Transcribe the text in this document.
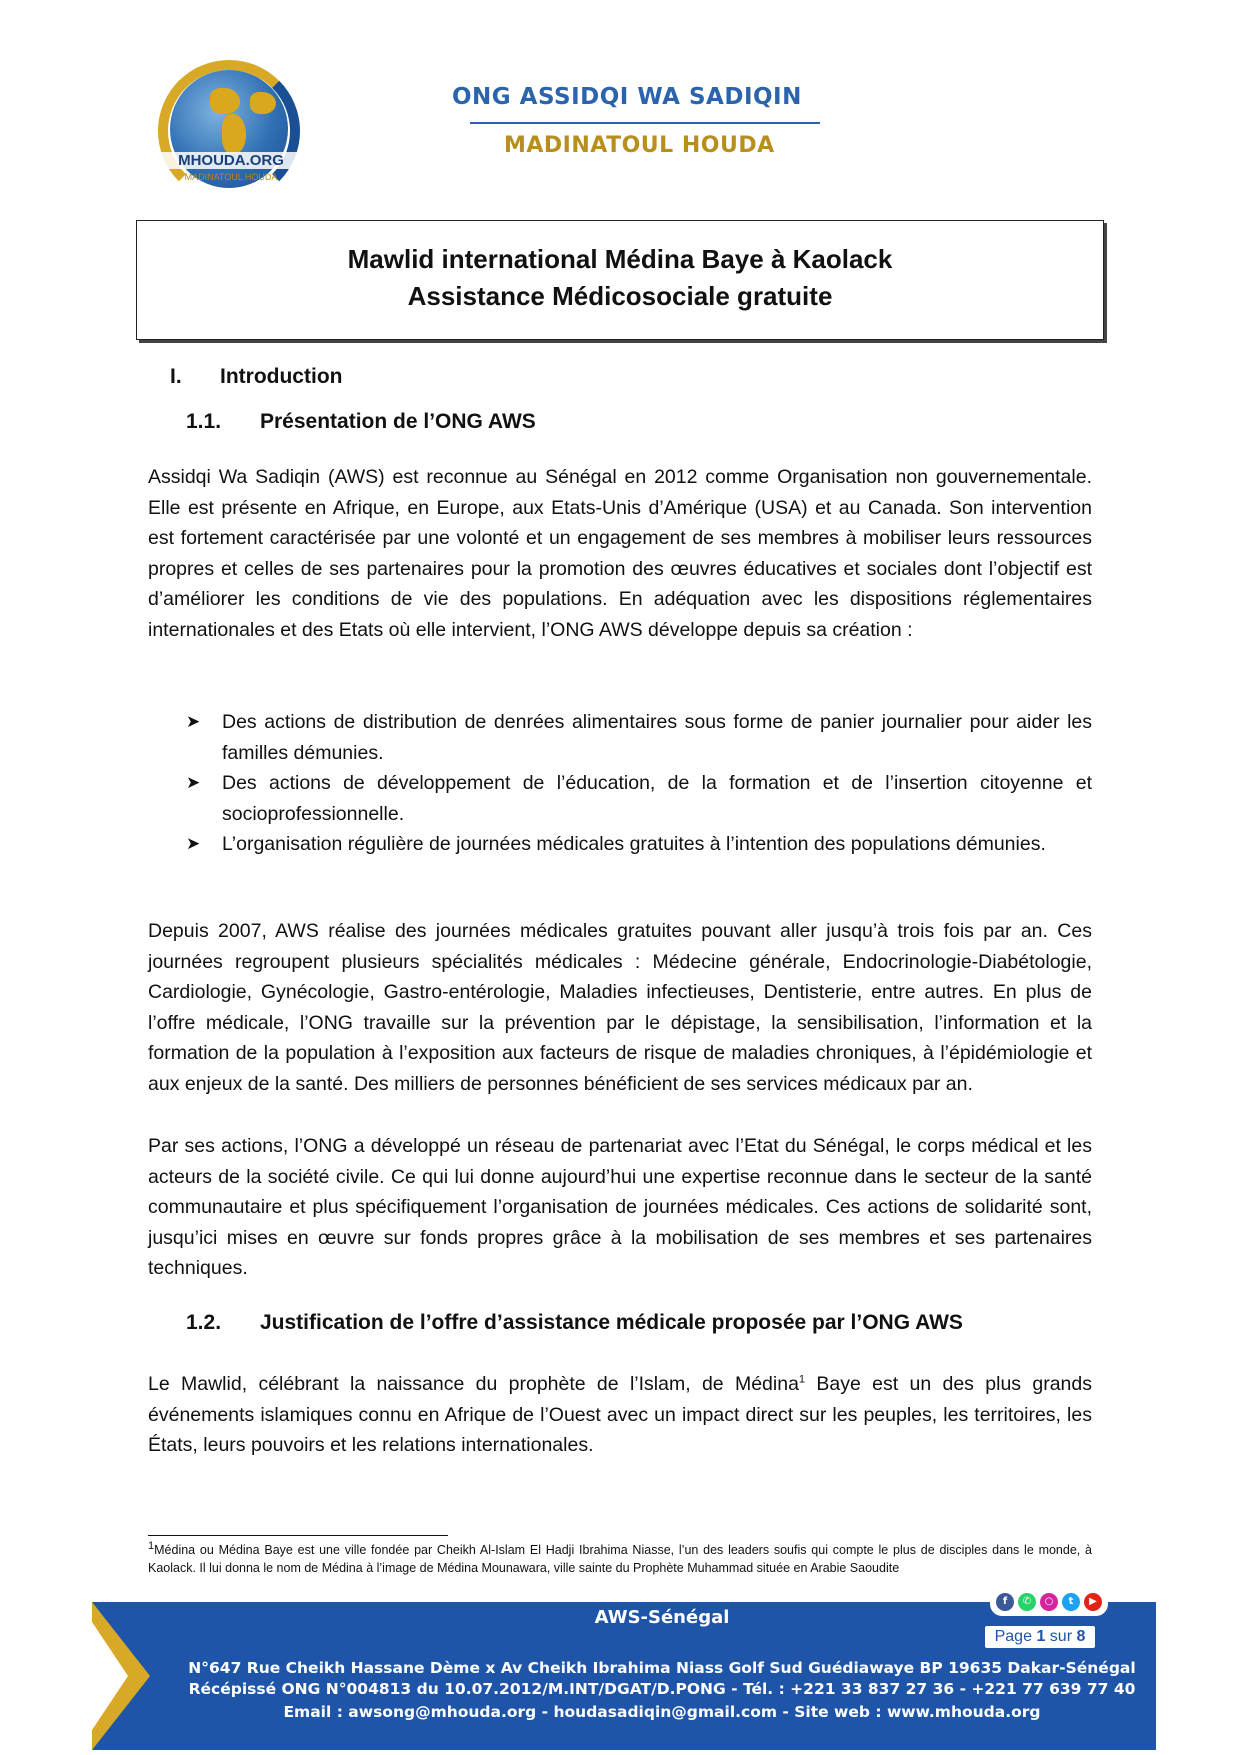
MHOUDA.ORG
MADINATOUL HOUDA
ONG ASSIDQI WA SADIQIN
MADINATOUL HOUDA
Mawlid international Médina Baye à Kaolack
Assistance Médicosociale gratuite
I. Introduction
1.1. Présentation de l’ONG AWS

Assidqi Wa Sadiqin (AWS) est reconnue au Sénégal en 2012 comme Organisation non gouvernementale. Elle est présente en Afrique, en Europe, aux Etats-Unis d’Amérique (USA) et au Canada. Son intervention est fortement caractérisée par une volonté et un engagement de ses membres à mobiliser leurs ressources propres et celles de ses partenaires pour la promotion des œuvres éducatives et sociales dont l’objectif est d’améliorer les conditions de vie des populations. En adéquation avec les dispositions réglementaires internationales et des Etats où elle intervient, l’ONG AWS développe depuis sa création :

➤ Des actions de distribution de denrées alimentaires sous forme de panier journalier pour aider les familles démunies.
➤ Des actions de développement de l’éducation, de la formation et de l’insertion citoyenne et socioprofessionnelle.
➤ L’organisation régulière de journées médicales gratuites à l’intention des populations démunies.

Depuis 2007, AWS réalise des journées médicales gratuites pouvant aller jusqu’à trois fois par an. Ces journées regroupent plusieurs spécialités médicales : Médecine générale, Endocrinologie-Diabétologie, Cardiologie, Gynécologie, Gastro-entérologie, Maladies infectieuses, Dentisterie, entre autres. En plus de l’offre médicale, l’ONG travaille sur la prévention par le dépistage, la sensibilisation, l’information et la formation de la population à l’exposition aux facteurs de risque de maladies chroniques, à l’épidémiologie et aux enjeux de la santé. Des milliers de personnes bénéficient de ses services médicaux par an.

Par ses actions, l’ONG a développé un réseau de partenariat avec l’Etat du Sénégal, le corps médical et les acteurs de la société civile. Ce qui lui donne aujourd’hui une expertise reconnue dans le secteur de la santé communautaire et plus spécifiquement l’organisation de journées médicales. Ces actions de solidarité sont, jusqu’ici mises en œuvre sur fonds propres grâce à la mobilisation de ses membres et ses partenaires techniques.

1.2. Justification de l’offre d’assistance médicale proposée par l’ONG AWS

Le Mawlid, célébrant la naissance du prophète de l’Islam, de Médina$^1$ Baye est un des plus grands événements islamiques connu en Afrique de l’Ouest avec un impact direct sur les peuples, les territoires, les États, leurs pouvoirs et les relations internationales.

$^1$Médina ou Médina Baye est une ville fondée par Cheikh Al-Islam El Hadji Ibrahima Niasse, l’un des leaders soufis qui compte le plus de disciples dans le monde, à Kaolack. Il lui donna le nom de Médina à l’image de Médina Mounawara, ville sainte du Prophète Muhammad située en Arabie Saoudite

AWS-Sénégal
N°647 Rue Cheikh Hassane Dème x Av Cheikh Ibrahima Niass Golf Sud Guédiawaye BP 19635 Dakar-Sénégal
Récépissé ONG N°004813 du 10.07.2012/M.INT/DGAT/D.PONG - Tél. : +221 33 837 27 36 - +221 77 639 77 40
Email : awsong@mhouda.org - houdasadiqin@gmail.com - Site web : www.mhouda.org
f	✆	○	t	▶
Page 1 sur 8
